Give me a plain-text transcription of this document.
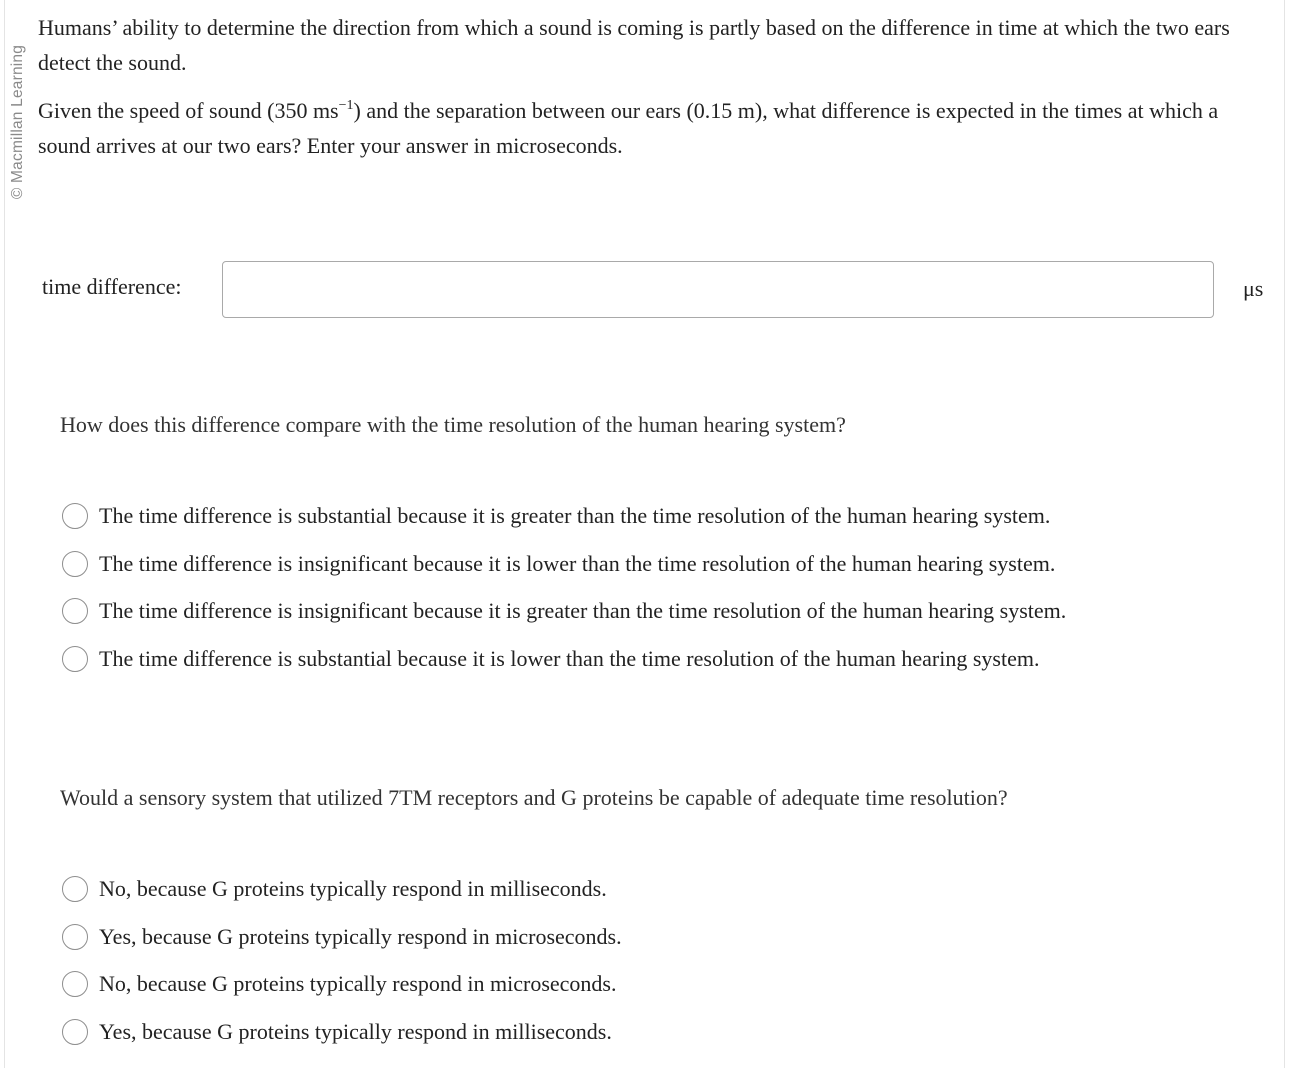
© Macmillan Learning

Humans’ ability to determine the direction from which a sound is coming is partly based on the difference in time at which the two ears detect the sound.

Given the speed of sound (350 $ms^{-1}$) and the separation between our ears (0.15 m), what difference is expected in the times at which a sound arrives at our two ears? Enter your answer in microseconds.

time difference:	μs
How does this difference compare with the time resolution of the human hearing system?
The time difference is substantial because it is greater than the time resolution of the human hearing system.
The time difference is insignificant because it is lower than the time resolution of the human hearing system.
The time difference is insignificant because it is greater than the time resolution of the human hearing system.
The time difference is substantial because it is lower than the time resolution of the human hearing system.
Would a sensory system that utilized 7TM receptors and G proteins be capable of adequate time resolution?
No, because G proteins typically respond in milliseconds.
Yes, because G proteins typically respond in microseconds.
No, because G proteins typically respond in microseconds.
Yes, because G proteins typically respond in milliseconds.
